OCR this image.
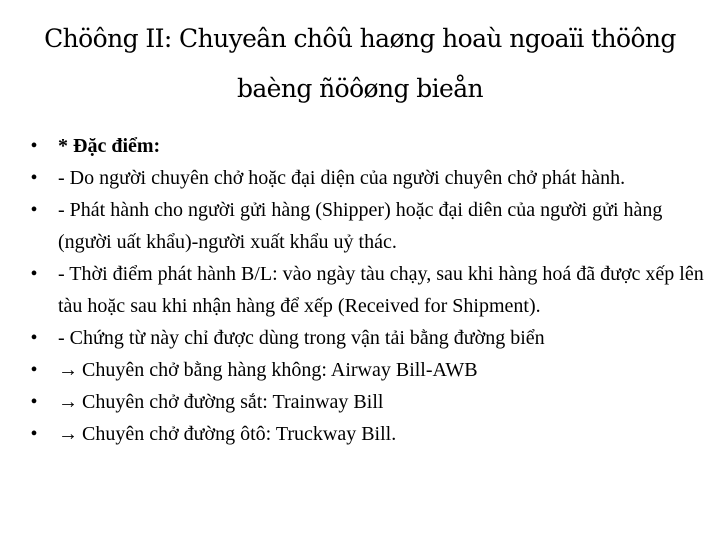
Chöông II: Chuyeân chôû haøng hoaù ngoaïi thöông
baèng ñöôøng bieån
• * Đặc điểm:
• - Do người chuyên chở hoặc đại diện của người chuyên chở phát hành.
• - Phát hành cho người gửi hàng (Shipper) hoặc đại diên của người gửi hàng (người uất khẩu)-người xuất khẩu uỷ thác.
• - Thời điểm phát hành B/L: vào ngày tàu chạy, sau khi hàng hoá đã được xếp lên tàu hoặc sau khi nhận hàng để xếp (Received for Shipment).
• - Chứng từ này chỉ được dùng trong vận tải bằng đường biển
• → Chuyên chở bằng hàng không: Airway Bill-AWB
• → Chuyên chở đường sắt: Trainway Bill
• → Chuyên chở đường ôtô: Truckway Bill.
